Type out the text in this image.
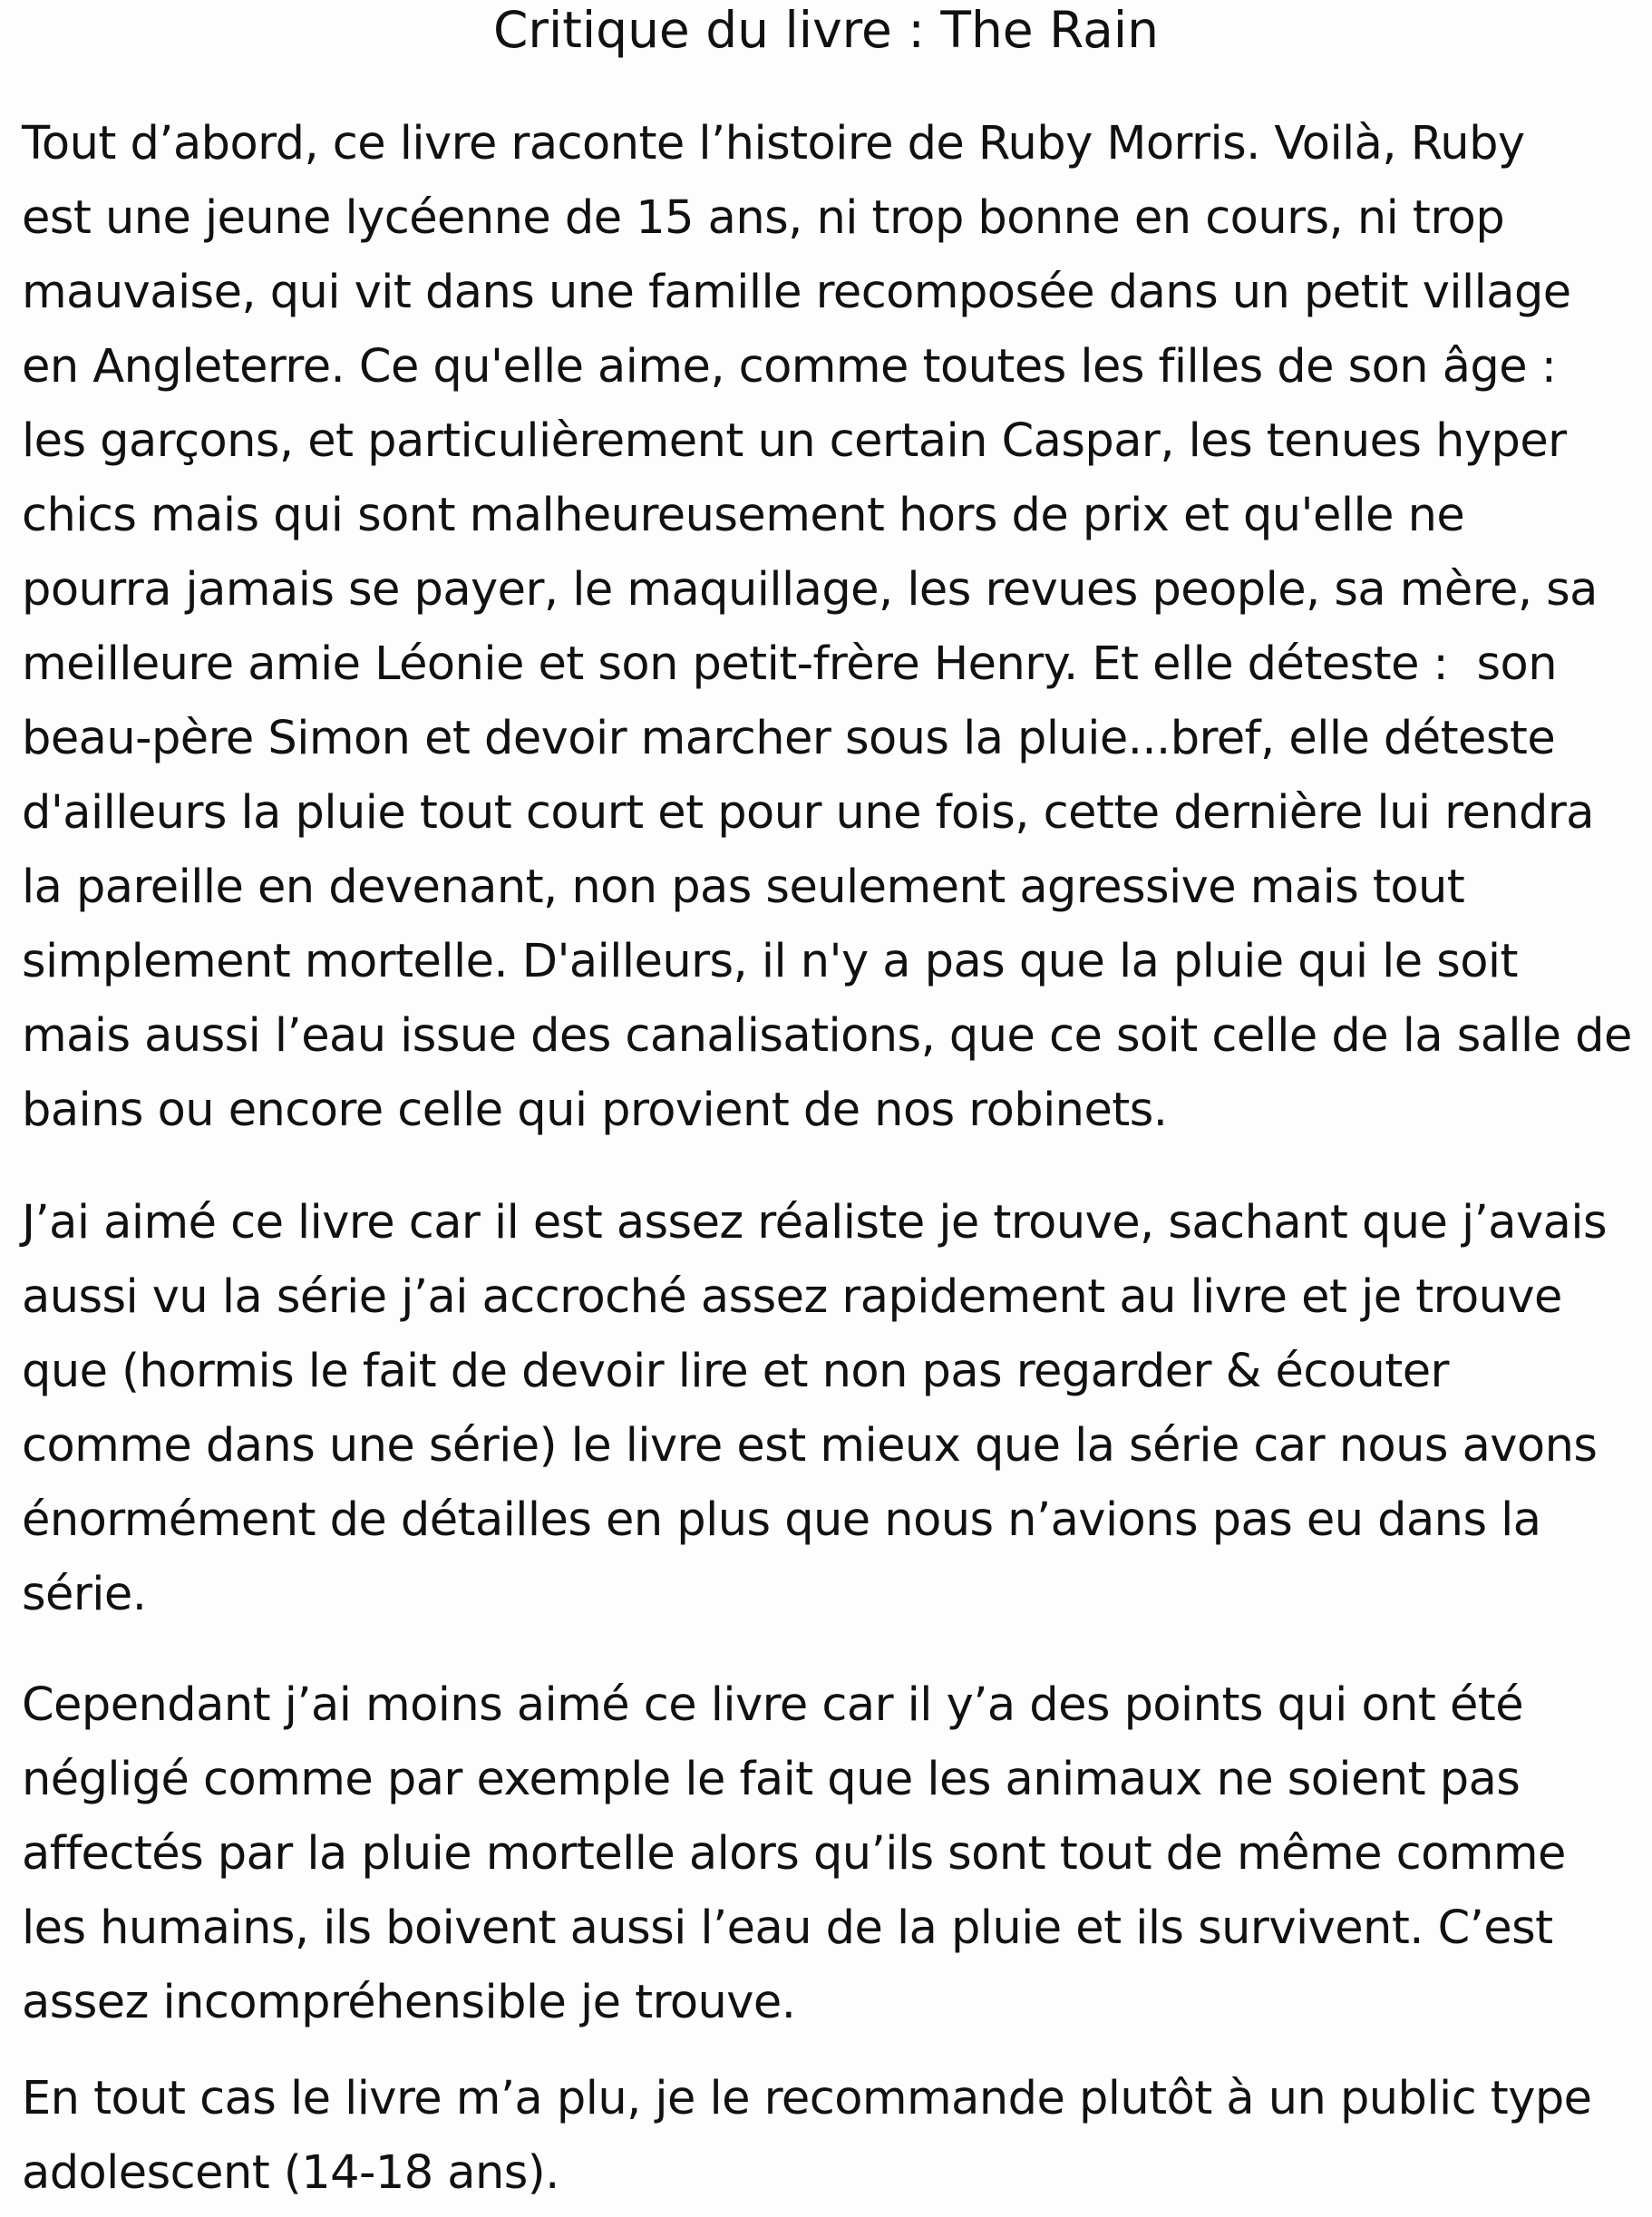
Critique du livre : The Rain

Tout d’abord, ce livre raconte l’histoire de Ruby Morris. Voilà, Ruby
est une jeune lycéenne de 15 ans, ni trop bonne en cours, ni trop
mauvaise, qui vit dans une famille recomposée dans un petit village
en Angleterre. Ce qu'elle aime, comme toutes les filles de son âge :
les garçons, et particulièrement un certain Caspar, les tenues hyper
chics mais qui sont malheureusement hors de prix et qu'elle ne
pourra jamais se payer, le maquillage, les revues people, sa mère, sa
meilleure amie Léonie et son petit-frère Henry. Et elle déteste :  son
beau-père Simon et devoir marcher sous la pluie...bref, elle déteste
d'ailleurs la pluie tout court et pour une fois, cette dernière lui rendra
la pareille en devenant, non pas seulement agressive mais tout
simplement mortelle. D'ailleurs, il n'y a pas que la pluie qui le soit
mais aussi l’eau issue des canalisations, que ce soit celle de la salle de
bains ou encore celle qui provient de nos robinets.

J’ai aimé ce livre car il est assez réaliste je trouve, sachant que j’avais
aussi vu la série j’ai accroché assez rapidement au livre et je trouve
que (hormis le fait de devoir lire et non pas regarder & écouter
comme dans une série) le livre est mieux que la série car nous avons
énormément de détailles en plus que nous n’avions pas eu dans la
série.

Cependant j’ai moins aimé ce livre car il y’a des points qui ont été
négligé comme par exemple le fait que les animaux ne soient pas
affectés par la pluie mortelle alors qu’ils sont tout de même comme
les humains, ils boivent aussi l’eau de la pluie et ils survivent. C’est
assez incompréhensible je trouve.

En tout cas le livre m’a plu, je le recommande plutôt à un public type
adolescent (14-18 ans).
